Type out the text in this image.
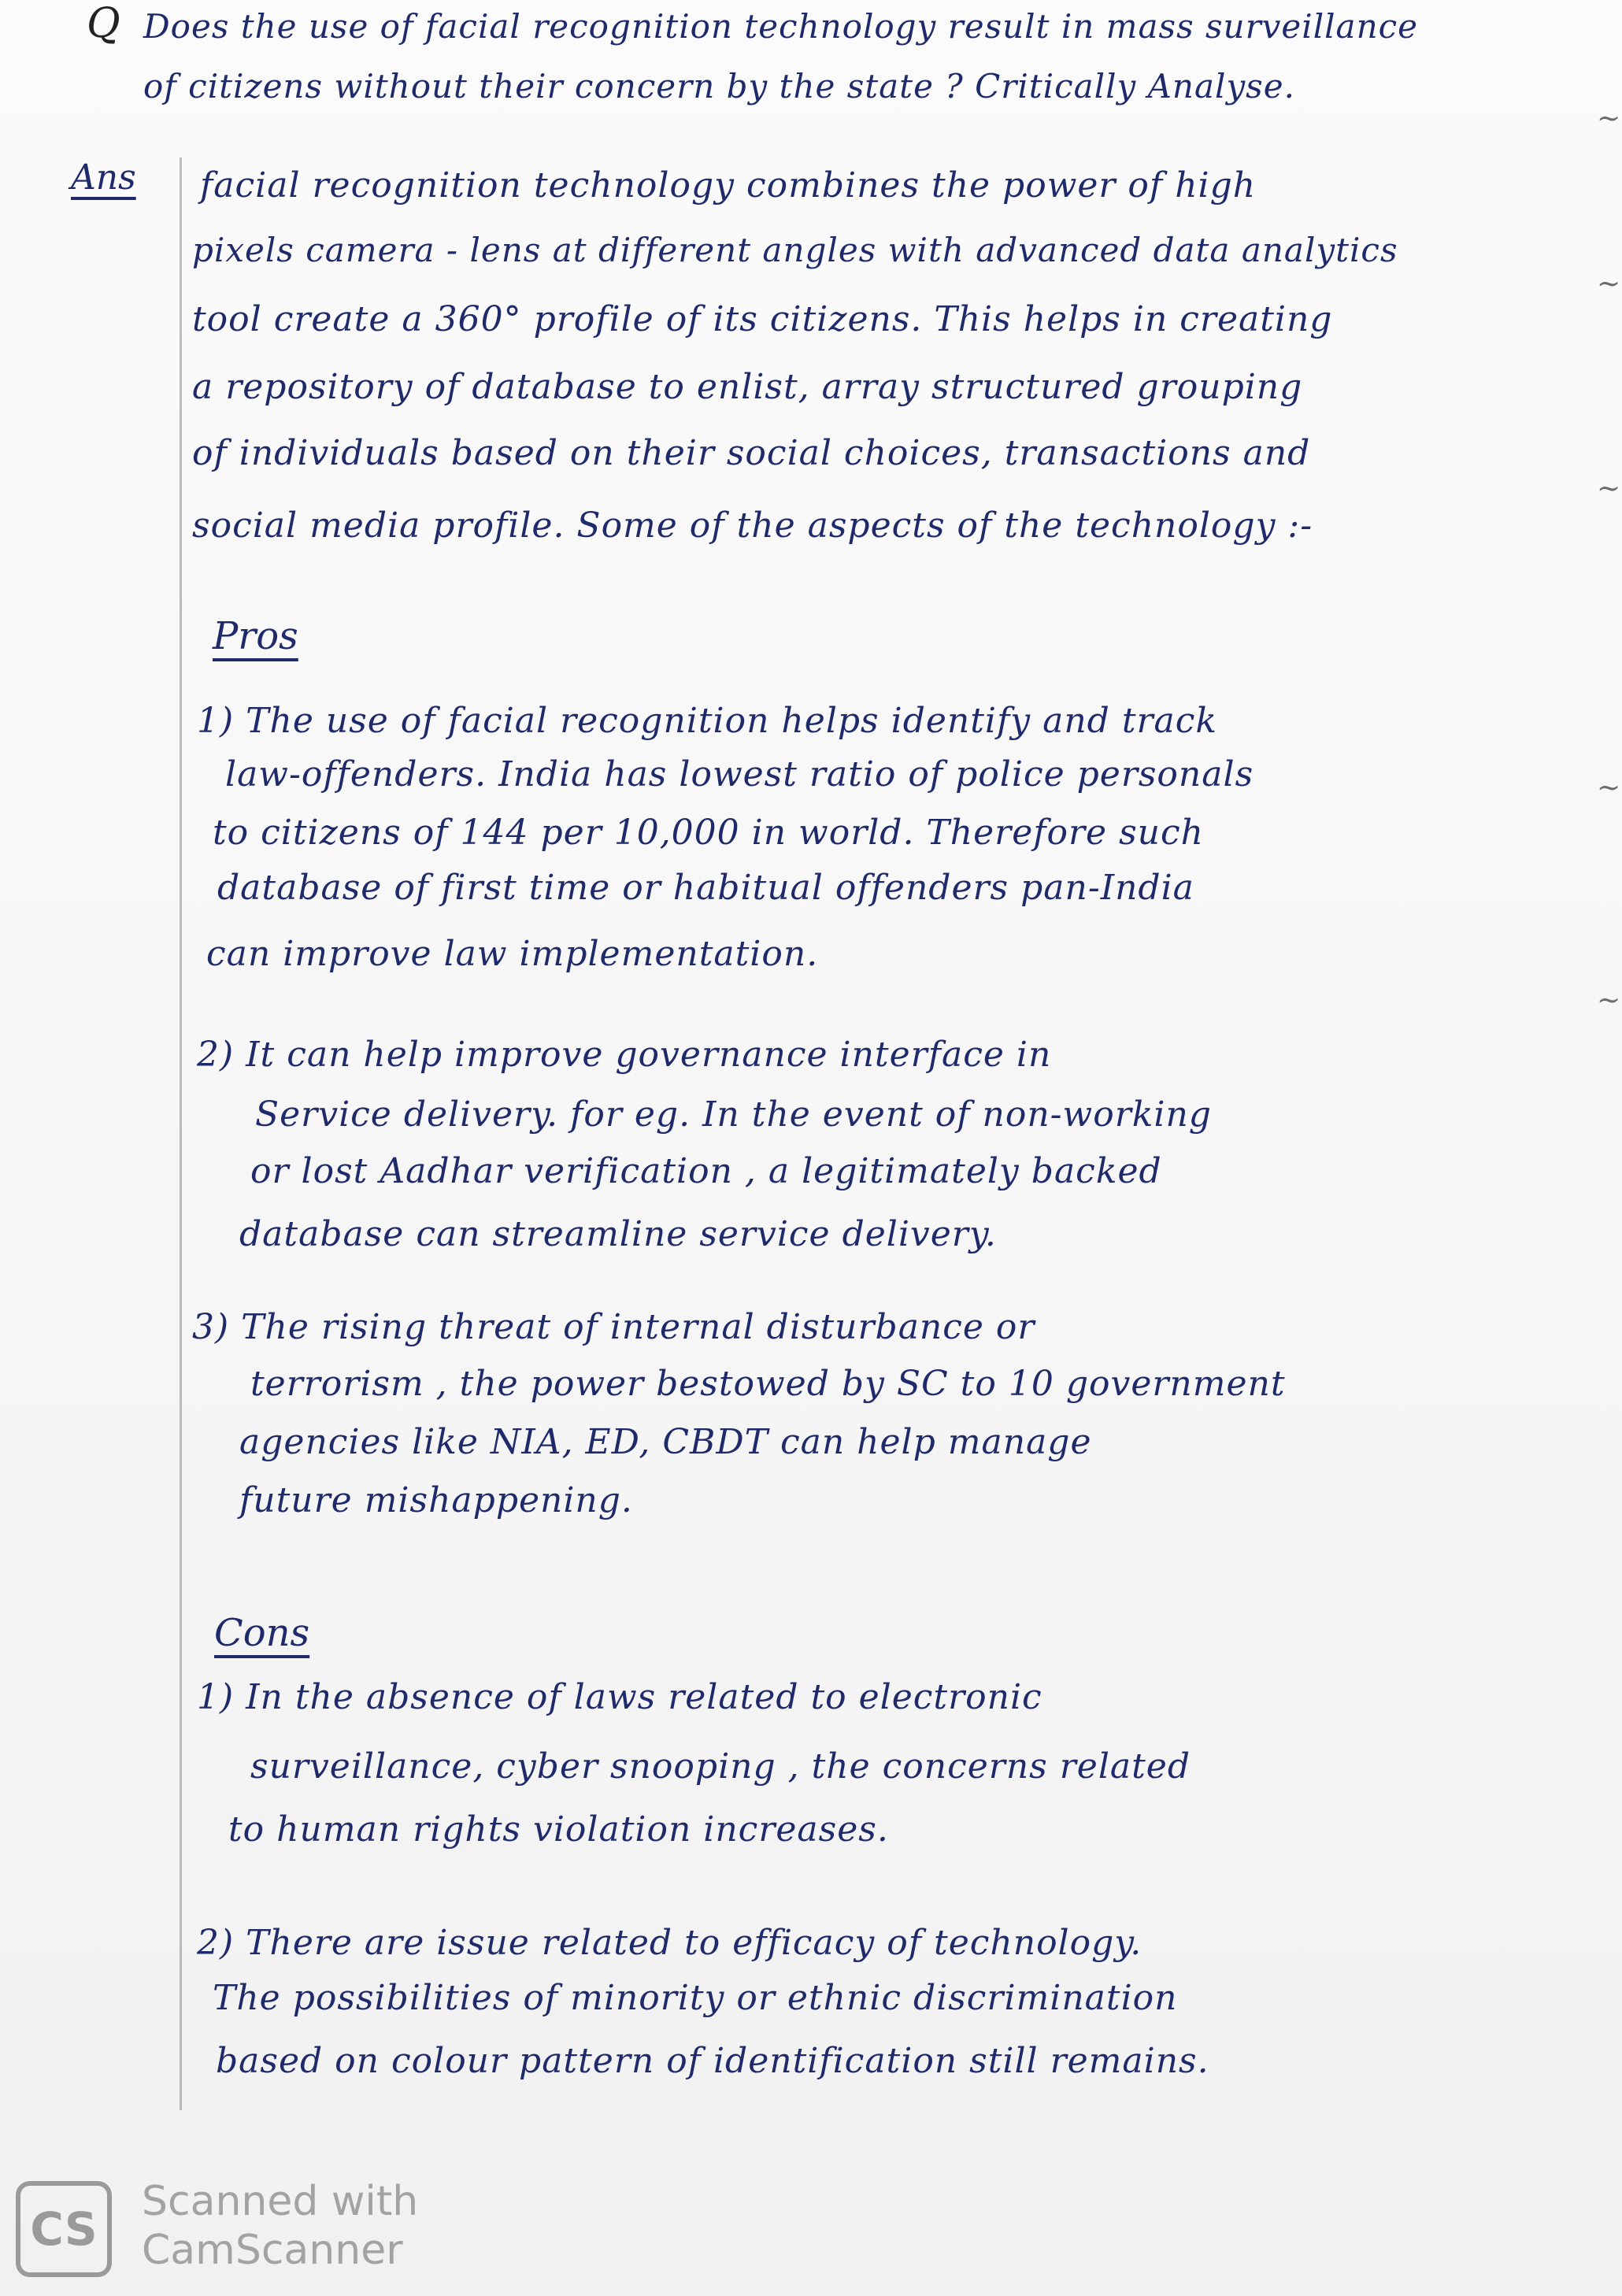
Q Does the use of facial recognition technology result in mass surveillance
of citizens without their concern by the state ? Critically Analyse.
Ans facial recognition technology combines the power of high
pixels camera - lens at different angles with advanced data analytics
tool create a 360° profile of its citizens. This helps in creating
a repository of database to enlist, array structured grouping
of individuals based on their social choices, transactions and
social media profile. Some of the aspects of the technology :-
Pros
1) The use of facial recognition helps identify and track
law-offenders. India has lowest ratio of police personals
to citizens of 144 per 10,000 in world. Therefore such
database of first time or habitual offenders pan-India
can improve law implementation.
2) It can help improve governance interface in
Service delivery. for eg. In the event of non-working
or lost Aadhar verification , a legitimately backed
database can streamline service delivery.
3) The rising threat of internal disturbance or
terrorism , the power bestowed by SC to 10 government
agencies like NIA, ED, CBDT can help manage
future mishappening.
Cons
1) In the absence of laws related to electronic
surveillance, cyber snooping , the concerns related
to human rights violation increases.
2) There are issue related to efficacy of technology.
The possibilities of minority or ethnic discrimination
based on colour pattern of identification still remains.
~
~
~
~
~
CS
Scanned with
CamScanner
